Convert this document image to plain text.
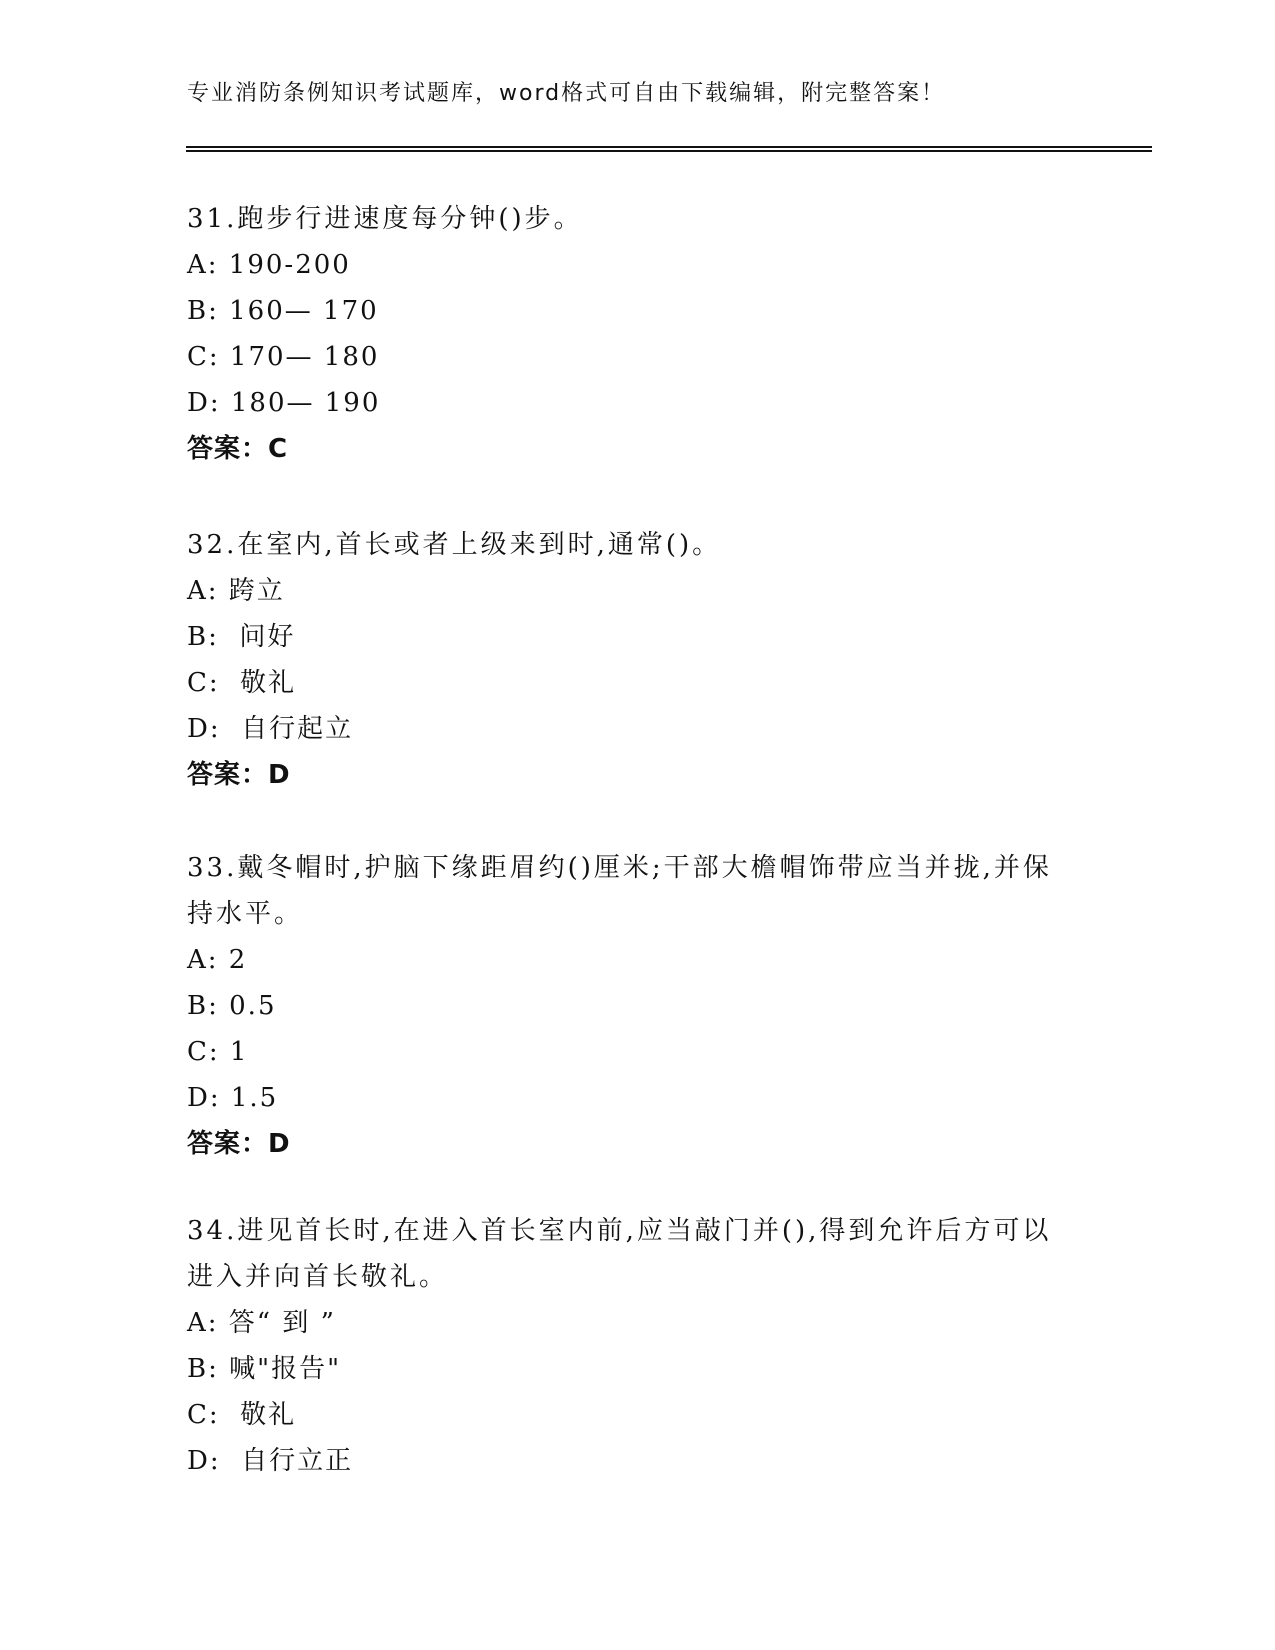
专业消防条例知识考试题库，word格式可自由下载编辑，附完整答案！

31.跑步行进速度每分钟()步。

A: 190-200

B: 160— 170

C: 170— 180

D: 180— 190

答案：C

32.在室内,首长或者上级来到时,通常()。

A: 跨立

B:  问好

C:  敬礼

D:  自行起立

答案：D

33.戴冬帽时,护脑下缘距眉约()厘米;干部大檐帽饰带应当并拢,并保持水平。

A: 2

B: 0.5

C: 1

D: 1.5

答案：D

34.进见首长时,在进入首长室内前,应当敲门并(),得到允许后方可以进入并向首长敬礼。

A: 答“ 到 ”

B: 喊"报告"

C:  敬礼

D:  自行立正
